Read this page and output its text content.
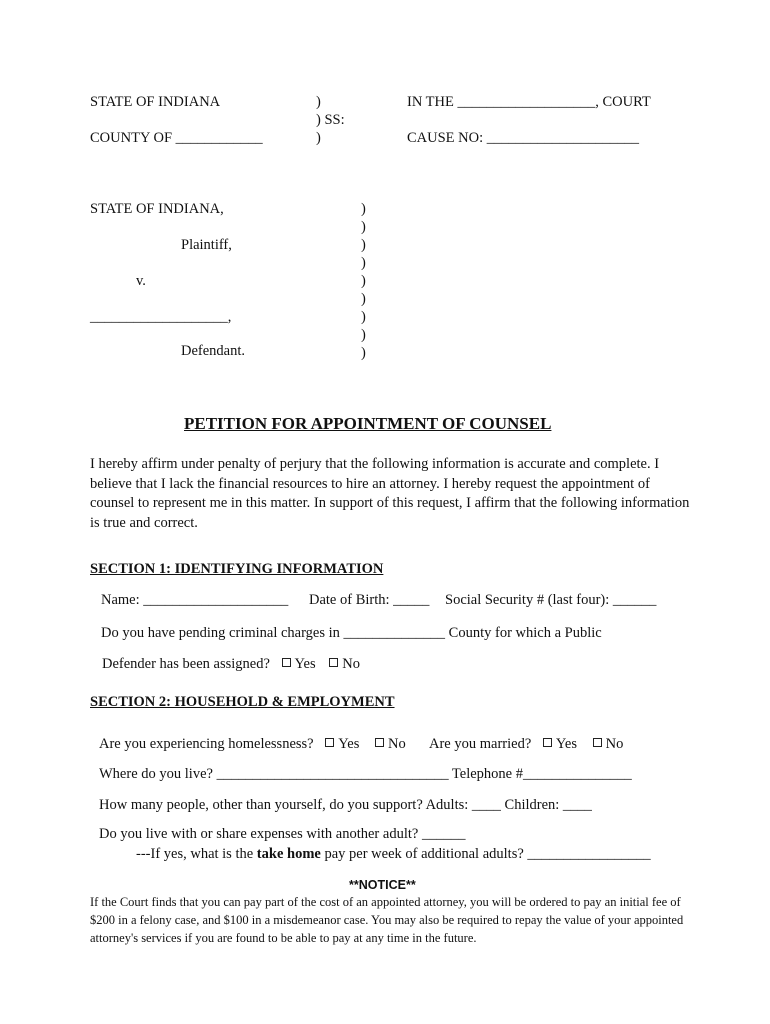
STATE OF INDIANA
COUNTY OF ____________
)
) SS:
)
IN THE ___________________, COURT
CAUSE NO: _____________________
STATE OF INDIANA,
Plaintiff,
v.
___________________,
Defendant.
)
)
)
)
)
)
)
)
)
PETITION FOR APPOINTMENT OF COUNSEL
I hereby affirm under penalty of perjury that the following information is accurate and complete. I believe that I lack the financial resources to hire an attorney. I hereby request the appointment of counsel to represent me in this matter. In support of this request, I affirm that the following information is true and correct.
SECTION 1: IDENTIFYING INFORMATION
Name: ____________________ Date of Birth: _____ Social Security # (last four): ______
Do you have pending criminal charges in ______________ County for which a Public
Defender has been assigned? Yes No
SECTION 2: HOUSEHOLD & EMPLOYMENT
Are you experiencing homelessness? Yes No Are you married? Yes No
Where do you live? ________________________________ Telephone #_______________
How many people, other than yourself, do you support? Adults: ____ Children: ____
Do you live with or share expenses with another adult? ______
---If yes, what is the take home pay per week of additional adults? _________________
**NOTICE**
If the Court finds that you can pay part of the cost of an appointed attorney, you will be ordered to pay an initial fee of $200 in a felony case, and $100 in a misdemeanor case. You may also be required to repay the value of your appointed attorney's services if you are found to be able to pay at any time in the future.
